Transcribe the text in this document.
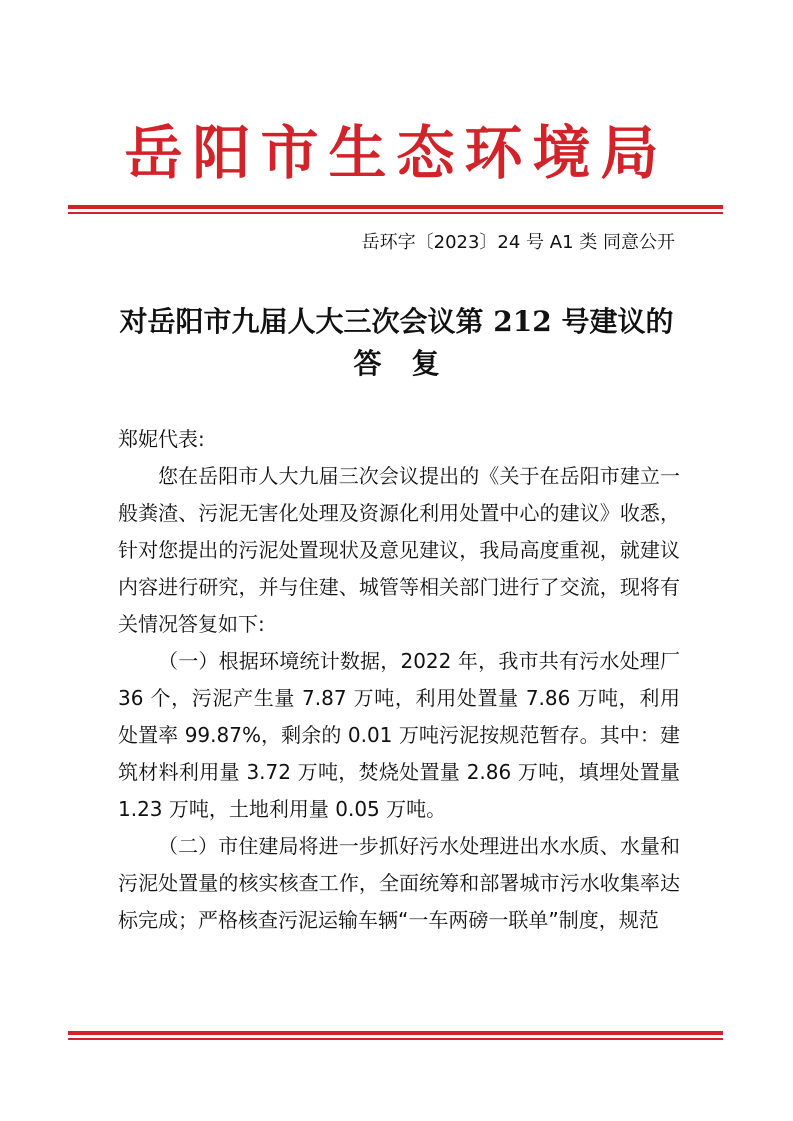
岳阳市生态环境局
岳环字〔2023〕24 号 A1 类 同意公开
对岳阳市九届人大三次会议第 212 号建议的
答复

郑妮代表:

您在岳阳市人大九届三次会议提出的《关于在岳阳市建立一般粪渣、污泥无害化处理及资源化利用处置中心的建议》收悉，针对您提出的污泥处置现状及意见建议，我局高度重视，就建议内容进行研究，并与住建、城管等相关部门进行了交流，现将有关情况答复如下:

（一）根据环境统计数据，2022 年，我市共有污水处理厂 36 个，污泥产生量 7.87 万吨，利用处置量 7.86 万吨，利用处置率 99.87%，剩余的 0.01 万吨污泥按规范暂存。其中：建筑材料利用量 3.72 万吨，焚烧处置量 2.86 万吨，填埋处置量 1.23 万吨，土地利用量 0.05 万吨。

（二）市住建局将进一步抓好污水处理进出水水质、水量和污泥处置量的核实核查工作，全面统筹和部署城市污水收集率达标完成；严格核查污泥运输车辆“一车两磅一联单”制度，规范
